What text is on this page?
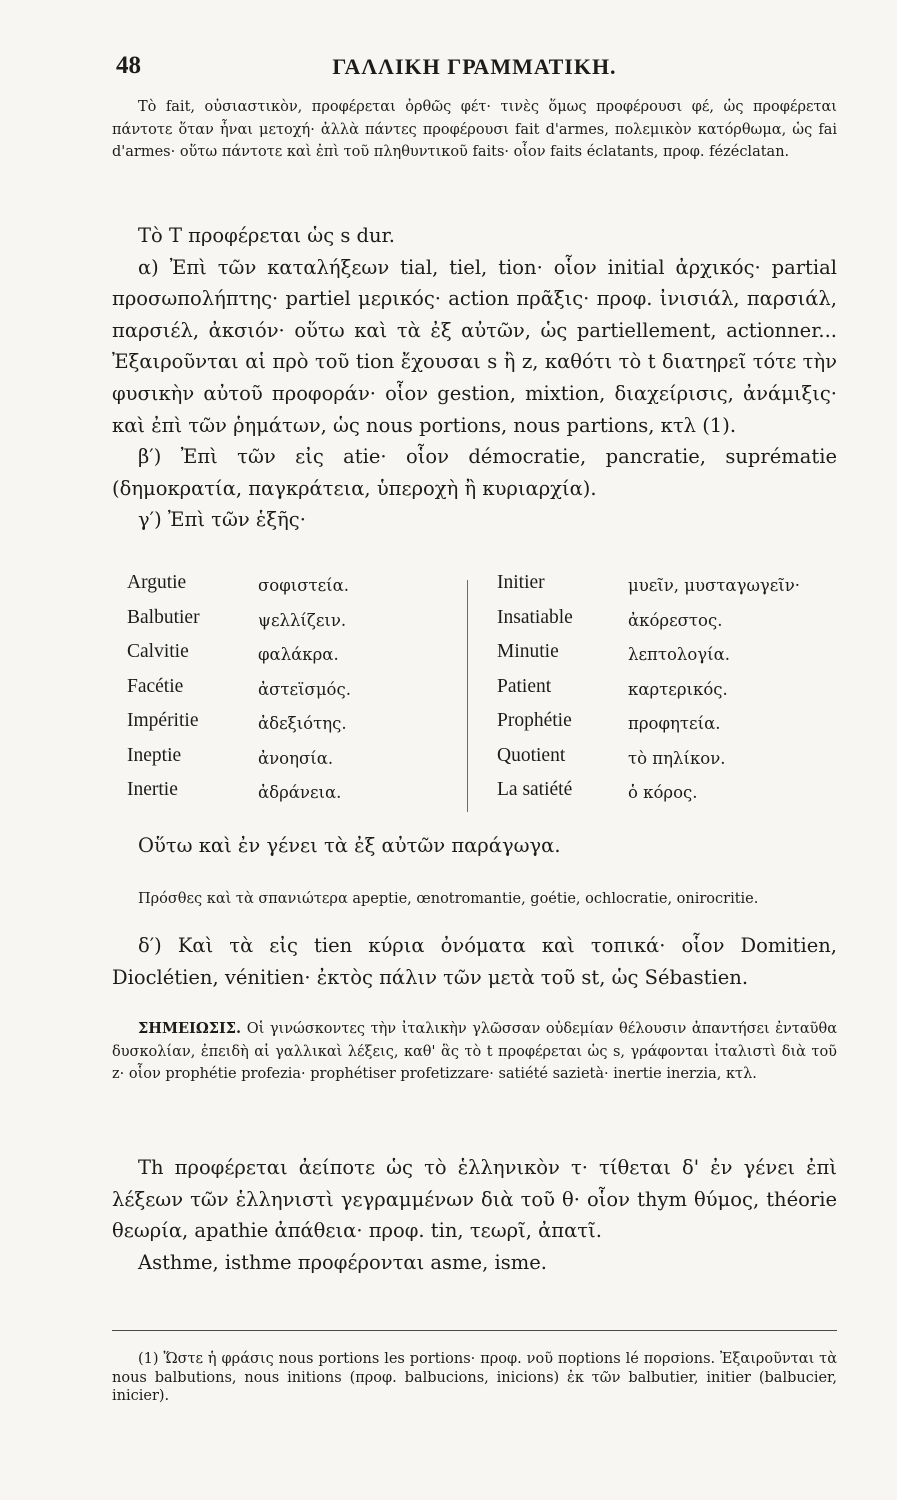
48	ΓΑΛΛΙΚΗ ΓΡΑΜΜΑΤΙΚΗ.

Τὸ fait, οὐσιαστικὸν, προφέρεται ὀρθῶς φέτ· τινὲς ὅμως προφέρουσι φέ, ὡς προφέρεται πάντοτε ὅταν ἦναι μετοχή· ἀλλὰ πάντες προφέρουσι fait d'armes, πολεμικὸν κατόρθωμα, ὡς fai d'armes· οὕτω πάντοτε καὶ ἐπὶ τοῦ πληθυντικοῦ faits· οἷον faits éclatants, προφ. fézéclatan.

Τὸ T προφέρεται ὡς s dur.

α) Ἐπὶ τῶν καταλήξεων tial, tiel, tion· οἷον initial ἀρχικός· partial προσωπολήπτης· partiel μερικός· action πρᾶξις· προφ. ἰνισιάλ, παρσιάλ, παρσιέλ, ἀκσιόν· οὕτω καὶ τὰ ἐξ αὐτῶν, ὡς partiellement, actionner... Ἐξαιροῦνται αἱ πρὸ τοῦ tion ἔχουσαι s ἢ z, καθότι τὸ t διατηρεῖ τότε τὴν φυσικὴν αὐτοῦ προφοράν· οἷον gestion, mixtion, διαχείρισις, ἀνάμιξις· καὶ ἐπὶ τῶν ῥημάτων, ὡς nous portions, nous partions, κτλ (1).

β′) Ἐπὶ τῶν εἰς atie· οἷον démocratie, pancratie, suprématie (δημοκρατία, παγκράτεια, ὑπεροχὴ ἢ κυριαρχία).

γ′) Ἐπὶ τῶν ἑξῆς·

Argutie	σοφιστεία.
Balbutier	ψελλίζειν.
Calvitie	φαλάκρα.
Facétie	ἀστεϊσμός.
Impéritie	ἀδεξιότης.
Ineptie	ἀνοησία.
Inertie	ἀδράνεια.
Initier	μυεῖν, μυσταγωγεῖν·
Insatiable	ἀκόρεστος.
Minutie	λεπτολογία.
Patient	καρτερικός.
Prophétie	προφητεία.
Quotient	τὸ πηλίκον.
La satiété	ὁ κόρος.

Οὕτω καὶ ἐν γένει τὰ ἐξ αὐτῶν παράγωγα.

Πρόσθες καὶ τὰ σπανιώτερα apeptie, œnotromantie, goétie, ochlocratie, onirocritie.

δ′) Καὶ τὰ εἰς tien κύρια ὀνόματα καὶ τοπικά· οἷον Domitien, Dioclétien, vénitien· ἐκτὸς πάλιν τῶν μετὰ τοῦ st, ὡς Sébastien.

ΣΗΜΕΙΩΣΙΣ. Οἱ γινώσκοντες τὴν ἰταλικὴν γλῶσσαν οὐδεμίαν θέλουσιν ἀπαντήσει ἐνταῦθα δυσκολίαν, ἐπειδὴ αἱ γαλλικαὶ λέξεις, καθ' ἃς τὸ t προφέρεται ὡς s, γράφονται ἰταλιστὶ διὰ τοῦ z· οἷον prophétie profezia· prophétiser profetizzare· satiété sazietà· inertie inerzia, κτλ.

Th προφέρεται ἀείποτε ὡς τὸ ἑλληνικὸν τ· τίθεται δ' ἐν γένει ἐπὶ λέξεων τῶν ἑλληνιστὶ γεγραμμένων διὰ τοῦ θ· οἷον thym θύμος, théorie θεωρία, apathie ἀπάθεια· προφ. tin, τεωρῖ, ἀπατῖ.

Asthme, isthme προφέρονται asme, isme.

(1) Ὥστε ἡ φράσις nous portions les portions· προφ. νοῦ πορtions lé πορσions. Ἐξαιροῦνται τὰ nous balbutions, nous initions (προφ. balbucions, inicions) ἐκ τῶν balbutier, initier (balbucier, inicier).
